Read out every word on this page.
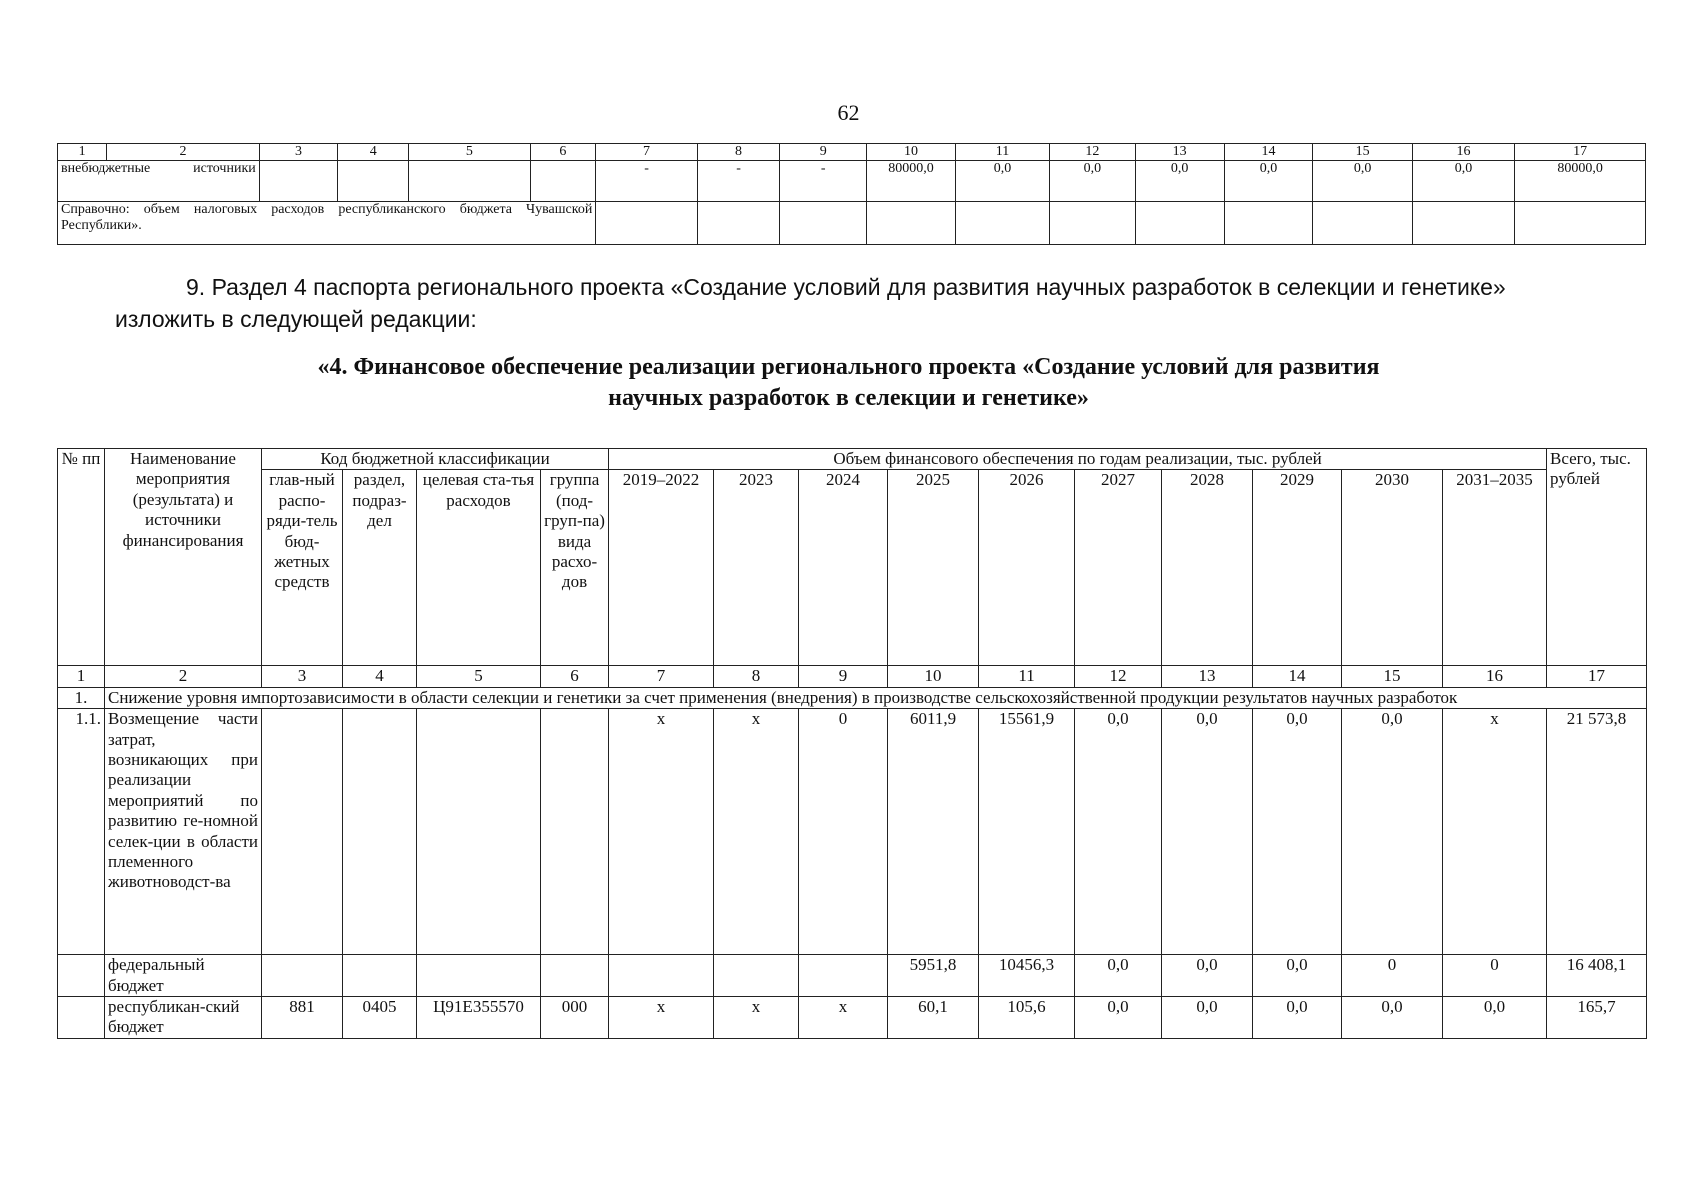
62
1	2	3	4	5	6	7	8	9	10	11	12	13	14	15	16	17
внебюджетные источники						-	-	-	80000,0	0,0	0,0	0,0	0,0	0,0	0,0	80000,0
Справочно: объем налоговых расходов республиканского бюджета Чувашской Республики».																
9. Раздел 4 паспорта регионального проекта «Создание условий для развития научных разработок в селекции и генетике» изложить в следующей редакции:
«4. Финансовое обеспечение реализации регионального проекта «Создание условий для развития
научных разработок в селекции и генетике»
№ пп	Наименование мероприятия (результата) и источники финансирования	Код бюджетной классификации				Объем финансового обеспечения по годам реализации, тыс. рублей										Всего, тыс. рублей
		глав-ный распо-ряди-тель бюд-жетных средств	раздел, подраз-дел	целевая ста-тья расходов	группа (под-груп-па) вида расхо-дов	2019–2022	2023	2024	2025	2026	2027	2028	2029	2030	2031–2035	
1	2	3	4	5	6	7	8	9	10	11	12	13	14	15	16	17
1.	Снижение уровня импортозависимости в области селекции и генетики за счет применения (внедрения) в производстве сельскохозяйственной продукции результатов научных разработок															
1.1.	Возмещение части затрат, возникающих при реализации мероприятий по развитию ге-номной селек-ции в области племенного животноводст-ва					х	х	0	6011,9	15561,9	0,0	0,0	0,0	0,0	х	21 573,8
	федеральный бюджет								5951,8	10456,3	0,0	0,0	0,0	0	0	16 408,1
	республикан-ский бюджет	881	0405	Ц91Е355570	000	х	х	х	60,1	105,6	0,0	0,0	0,0	0,0	0,0	165,7
